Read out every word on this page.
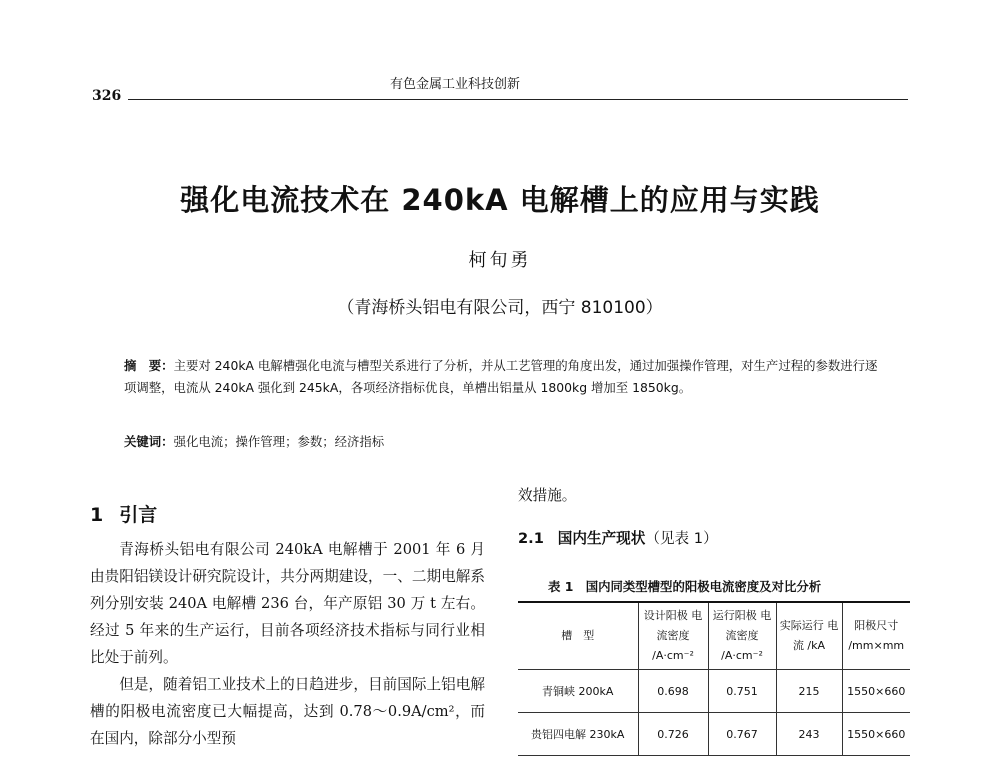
326
有色金属工业科技创新
强化电流技术在 240kA 电解槽上的应用与实践
柯旬勇
（青海桥头铝电有限公司，西宁 810100）
摘　要：主要对 240kA 电解槽强化电流与槽型关系进行了分析，并从工艺管理的角度出发，通过加强操作管理，对生产过程的参数进行逐项调整，电流从 240kA 强化到 245kA，各项经济指标优良，单槽出铝量从 1800kg 增加至 1850kg。
关键词：强化电流；操作管理；参数；经济指标
1 引言

青海桥头铝电有限公司 240kA 电解槽于 2001 年 6 月由贵阳铝镁设计研究院设计，共分两期建设，一、二期电解系列分别安装 240A 电解槽 236 台，年产原铝 30 万 t 左右。经过 5 年来的生产运行，目前各项经济技术指标与同行业相比处于前列。

但是，随着铝工业技术上的日趋进步，目前国际上铝电解槽的阳极电流密度已大幅提高，达到 0.78～0.9A/cm²，而在国内，除部分小型预

效措施。
2.1 国内生产现状（见表 1）
表 1　国内同类型槽型的阳极电流密度及对比分析
槽　型	设计阳极 电流密度 /A·cm⁻²	运行阳极 电流密度 /A·cm⁻²	实际运行 电流 /kA	阳极尺寸 /mm×mm
青铜峡 200kA	0.698	0.751	215	1550×660
贵铝四电解 230kA	0.726	0.767	243	1550×660
